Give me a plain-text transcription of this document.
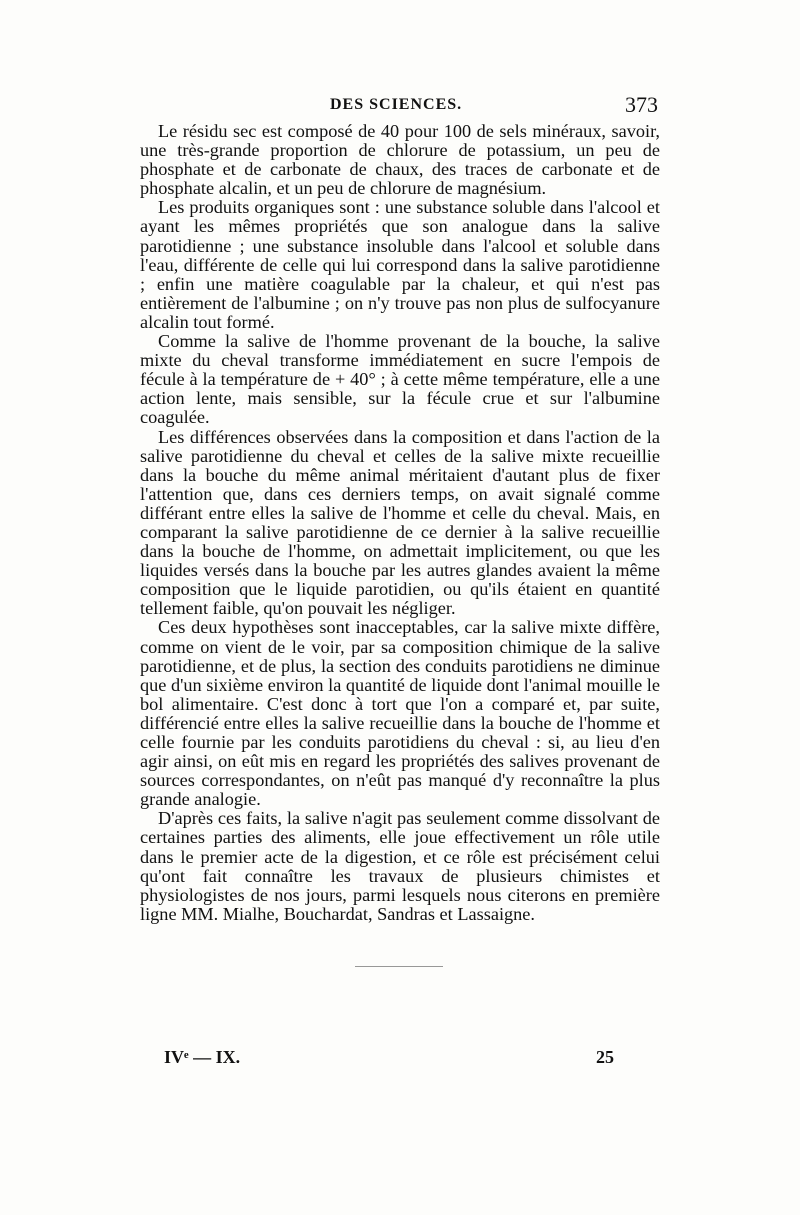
DES SCIENCES.	373

Le résidu sec est composé de 40 pour 100 de sels minéraux, savoir, une très-grande proportion de chlorure de potassium, un peu de phosphate et de carbonate de chaux, des traces de carbonate et de phosphate alcalin, et un peu de chlorure de magnésium.

Les produits organiques sont : une substance soluble dans l'alcool et ayant les mêmes propriétés que son analogue dans la salive parotidienne ; une substance insoluble dans l'alcool et soluble dans l'eau, différente de celle qui lui correspond dans la salive parotidienne ; enfin une matière coagulable par la chaleur, et qui n'est pas entièrement de l'albumine ; on n'y trouve pas non plus de sulfocyanure alcalin tout formé.

Comme la salive de l'homme provenant de la bouche, la salive mixte du cheval transforme immédiatement en sucre l'empois de fécule à la température de + 40° ; à cette même température, elle a une action lente, mais sensible, sur la fécule crue et sur l'albumine coagulée.

Les différences observées dans la composition et dans l'action de la salive parotidienne du cheval et celles de la salive mixte recueillie dans la bouche du même animal méritaient d'autant plus de fixer l'attention que, dans ces derniers temps, on avait signalé comme différant entre elles la salive de l'homme et celle du cheval. Mais, en comparant la salive parotidienne de ce dernier à la salive recueillie dans la bouche de l'homme, on admettait implicitement, ou que les liquides versés dans la bouche par les autres glandes avaient la même composition que le liquide parotidien, ou qu'ils étaient en quantité tellement faible, qu'on pouvait les négliger.

Ces deux hypothèses sont inacceptables, car la salive mixte diffère, comme on vient de le voir, par sa composition chimique de la salive parotidienne, et de plus, la section des conduits parotidiens ne diminue que d'un sixième environ la quantité de liquide dont l'animal mouille le bol alimentaire. C'est donc à tort que l'on a comparé et, par suite, différencié entre elles la salive recueillie dans la bouche de l'homme et celle fournie par les conduits parotidiens du cheval : si, au lieu d'en agir ainsi, on eût mis en regard les propriétés des salives provenant de sources correspondantes, on n'eût pas manqué d'y reconnaître la plus grande analogie.

D'après ces faits, la salive n'agit pas seulement comme dissolvant de certaines parties des aliments, elle joue effectivement un rôle utile dans le premier acte de la digestion, et ce rôle est précisément celui qu'ont fait connaître les travaux de plusieurs chimistes et physiologistes de nos jours, parmi lesquels nous citerons en première ligne MM. Mialhe, Bouchardat, Sandras et Lassaigne.

IVᵉ — IX.	25
